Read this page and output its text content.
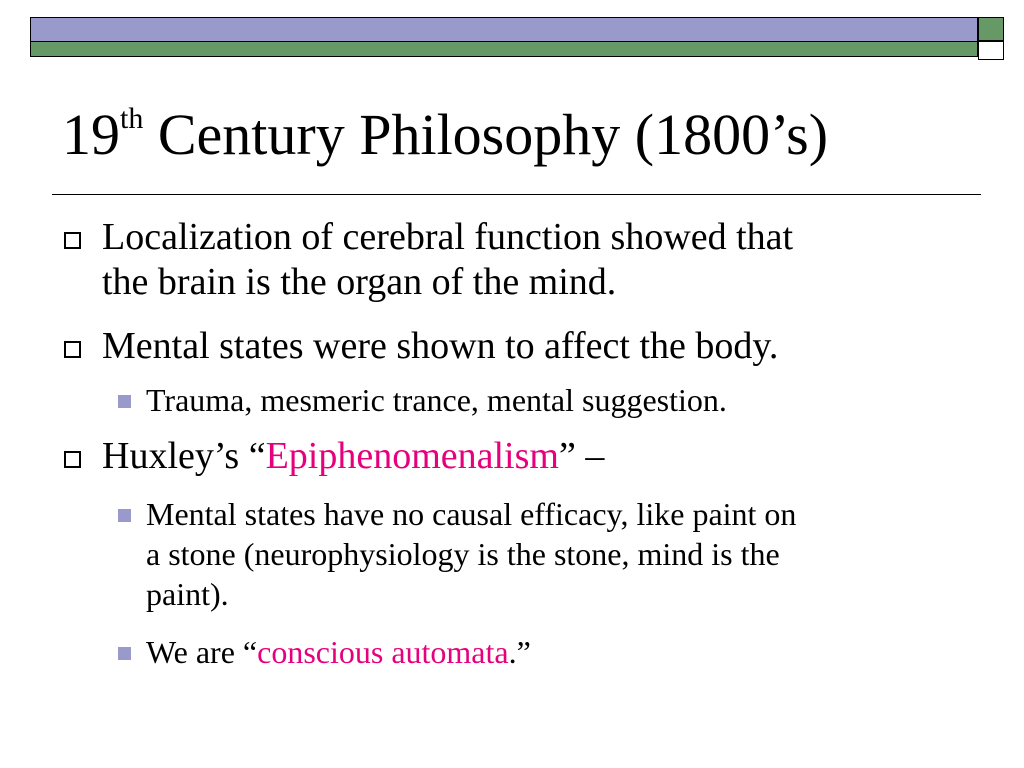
19th Century Philosophy (1800’s)
Localization of cerebral function showed that
the brain is the organ of the mind.
Mental states were shown to affect the body.
Trauma, mesmeric trance, mental suggestion.
Huxley’s “Epiphenomenalism” –
Mental states have no causal efficacy, like paint on
a stone (neurophysiology is the stone, mind is the
paint).
We are “conscious automata.”
